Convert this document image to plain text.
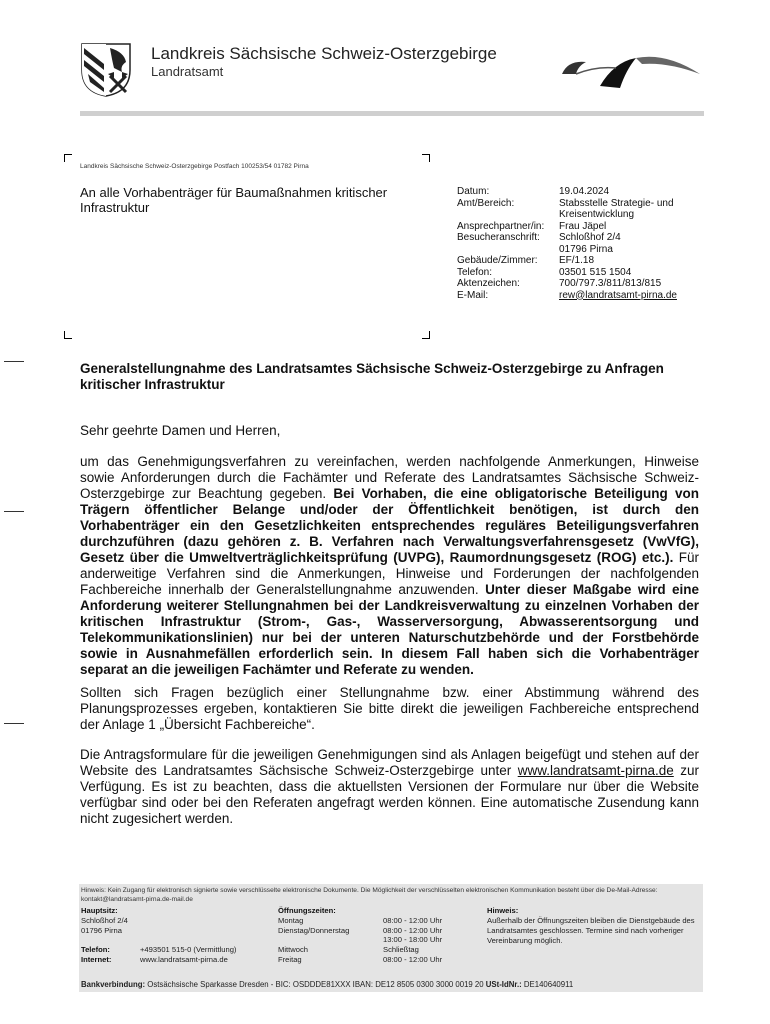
Landkreis Sächsische Schweiz-Osterzgebirge
Landratsamt
Landkreis Sächsische Schweiz-Osterzgebirge Postfach 100253/54 01782 Pirna
An alle Vorhabenträger für Baumaßnahmen kritischer Infrastruktur
Datum:	19.04.2024
Amt/Bereich:	Stabsstelle Strategie- und
Kreisentwicklung
Ansprechpartner/in:	Frau Jäpel
Besucheranschrift:	Schloßhof 2/4
01796 Pirna
Gebäude/Zimmer:	EF/1.18
Telefon:	03501 515 1504
Aktenzeichen:	700/797.3/811/813/815
E-Mail:	rew@landratsamt-pirna.de
Generalstellungnahme des Landratsamtes Sächsische Schweiz-Osterzgebirge zu Anfragen kritischer Infrastruktur
Sehr geehrte Damen und Herren,
um das Genehmigungsverfahren zu vereinfachen, werden nachfolgende Anmerkungen, Hinweise sowie Anforderungen durch die Fachämter und Referate des Landratsamtes Sächsische Schweiz-Osterzgebirge zur Beachtung gegeben. Bei Vorhaben, die eine obligatorische Beteiligung von Trägern öffentlicher Belange und/oder der Öffentlichkeit benötigen, ist durch den Vorhabenträger ein den Gesetzlichkeiten entsprechendes reguläres Beteiligungsverfahren durchzuführen (dazu gehören z. B. Verfahren nach Verwaltungsverfahrensgesetz (VwVfG), Gesetz über die Umweltverträglichkeitsprüfung (UVPG), Raumordnungsgesetz (ROG) etc.). Für anderweitige Verfahren sind die Anmerkungen, Hinweise und Forderungen der nachfolgenden Fachbereiche innerhalb der Generalstellungnahme anzuwenden. Unter dieser Maßgabe wird eine Anforderung weiterer Stellungnahmen bei der Landkreisverwaltung zu einzelnen Vorhaben der kritischen Infrastruktur (Strom-, Gas-, Wasserversorgung, Abwasserentsorgung und Telekommunikationslinien) nur bei der unteren Naturschutzbehörde und der Forstbehörde sowie in Ausnahmefällen erforderlich sein. In diesem Fall haben sich die Vorhabenträger separat an die jeweiligen Fachämter und Referate zu wenden.
Sollten sich Fragen bezüglich einer Stellungnahme bzw. einer Abstimmung während des Planungsprozesses ergeben, kontaktieren Sie bitte direkt die jeweiligen Fachbereiche entsprechend der Anlage 1 „Übersicht Fachbereiche“.
Die Antragsformulare für die jeweiligen Genehmigungen sind als Anlagen beigefügt und stehen auf der Website des Landratsamtes Sächsische Schweiz-Osterzgebirge unter www.landratsamt-pirna.de zur Verfügung. Es ist zu beachten, dass die aktuellsten Versionen der Formulare nur über die Website verfügbar sind oder bei den Referaten angefragt werden können. Eine automatische Zusendung kann nicht zugesichert werden.
Hinweis: Kein Zugang für elektronisch signierte sowie verschlüsselte elektronische Dokumente. Die Möglichkeit der verschlüsselten elektronischen Kommunikation besteht über die De-Mail-Adresse: kontakt@landratsamt-pirna.de-mail.de
Hauptsitz:
Schloßhof 2/4
01796 Pirna
Telefon:	+493501 515-0 (Vermittlung)
Internet:	www.landratsamt-pirna.de
Öffnungszeiten:
Montag	08:00 - 12:00 Uhr
Dienstag/Donnerstag	08:00 - 12:00 Uhr
13:00 - 18:00 Uhr
Mittwoch	Schließtag
Freitag	08:00 - 12:00 Uhr
Hinweis:
Außerhalb der Öffnungszeiten bleiben die Dienstgebäude des Landratsamtes geschlossen. Termine sind nach vorheriger Vereinbarung möglich.
Bankverbindung: Ostsächsische Sparkasse Dresden - BIC: OSDDDE81XXX IBAN: DE12 8505 0300 3000 0019 20 USt-IdNr.: DE140640911
